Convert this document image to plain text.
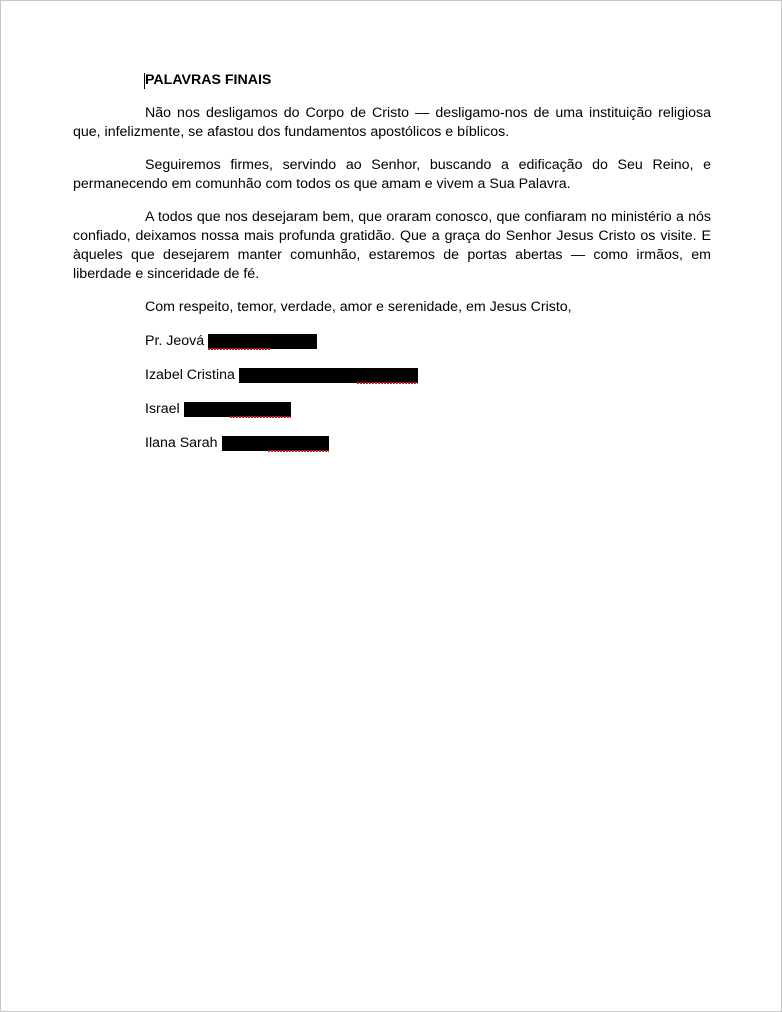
PALAVRAS FINAIS

Não nos desligamos do Corpo de Cristo — desligamo-nos de uma instituição religiosa que, infelizmente, se afastou dos fundamentos apostólicos e bíblicos.

Seguiremos firmes, servindo ao Senhor, buscando a edificação do Seu Reino, e permanecendo em comunhão com todos os que amam e vivem a Sua Palavra.

A todos que nos desejaram bem, que oraram conosco, que confiaram no ministério a nós confiado, deixamos nossa mais profunda gratidão. Que a graça do Senhor Jesus Cristo os visite. E àqueles que desejarem manter comunhão, estaremos de portas abertas — como irmãos, em liberdade e sinceridade de fé.

Com respeito, temor, verdade, amor e serenidade, em Jesus Cristo,
Pr. Jeová
Izabel Cristina
Israel
Ilana Sarah
